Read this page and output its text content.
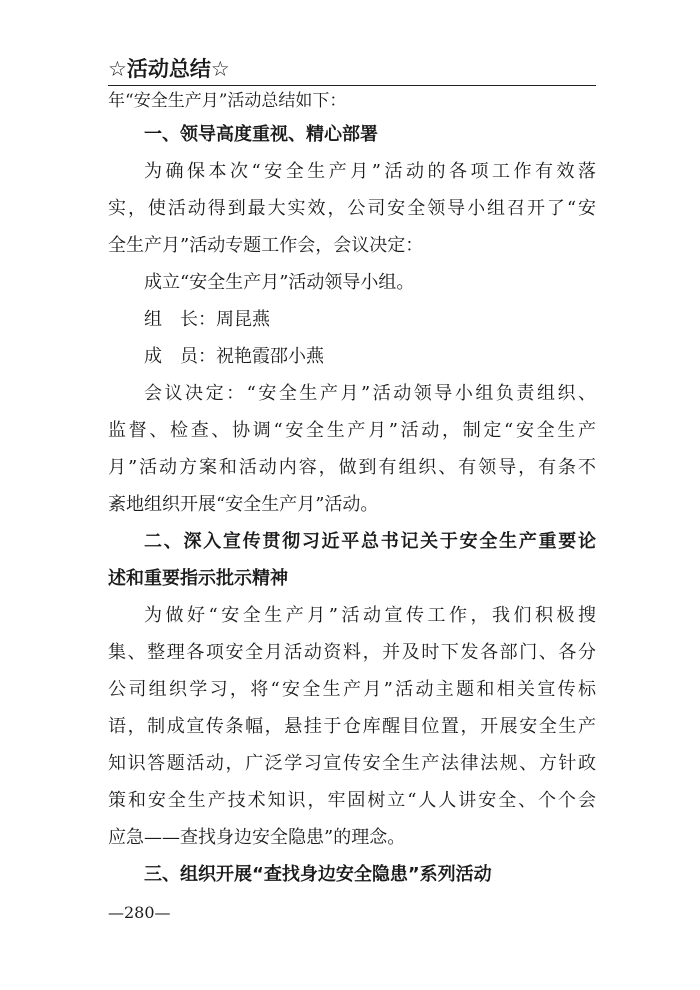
☆活动总结☆
年“安全生产月”活动总结如下：
一、领导高度重视、精心部署
为确保本次“安全生产月”活动的各项工作有效落
实，使活动得到最大实效，公司安全领导小组召开了“安
全生产月”活动专题工作会，会议决定：
成立“安全生产月”活动领导小组。
组　长：周昆燕
成　员：祝艳霞邵小燕
会议决定：“安全生产月”活动领导小组负责组织、
监督、检查、协调“安全生产月”活动，制定“安全生产
月”活动方案和活动内容，做到有组织、有领导，有条不
紊地组织开展“安全生产月”活动。
二、深入宣传贯彻习近平总书记关于安全生产重要论
述和重要指示批示精神
为做好“安全生产月”活动宣传工作，我们积极搜
集、整理各项安全月活动资料，并及时下发各部门、各分
公司组织学习，将“安全生产月”活动主题和相关宣传标
语，制成宣传条幅，悬挂于仓库醒目位置，开展安全生产
知识答题活动，广泛学习宣传安全生产法律法规、方针政
策和安全生产技术知识，牢固树立“人人讲安全、个个会
应急——查找身边安全隐患”的理念。
三、组织开展“查找身边安全隐患”系列活动
—280—
